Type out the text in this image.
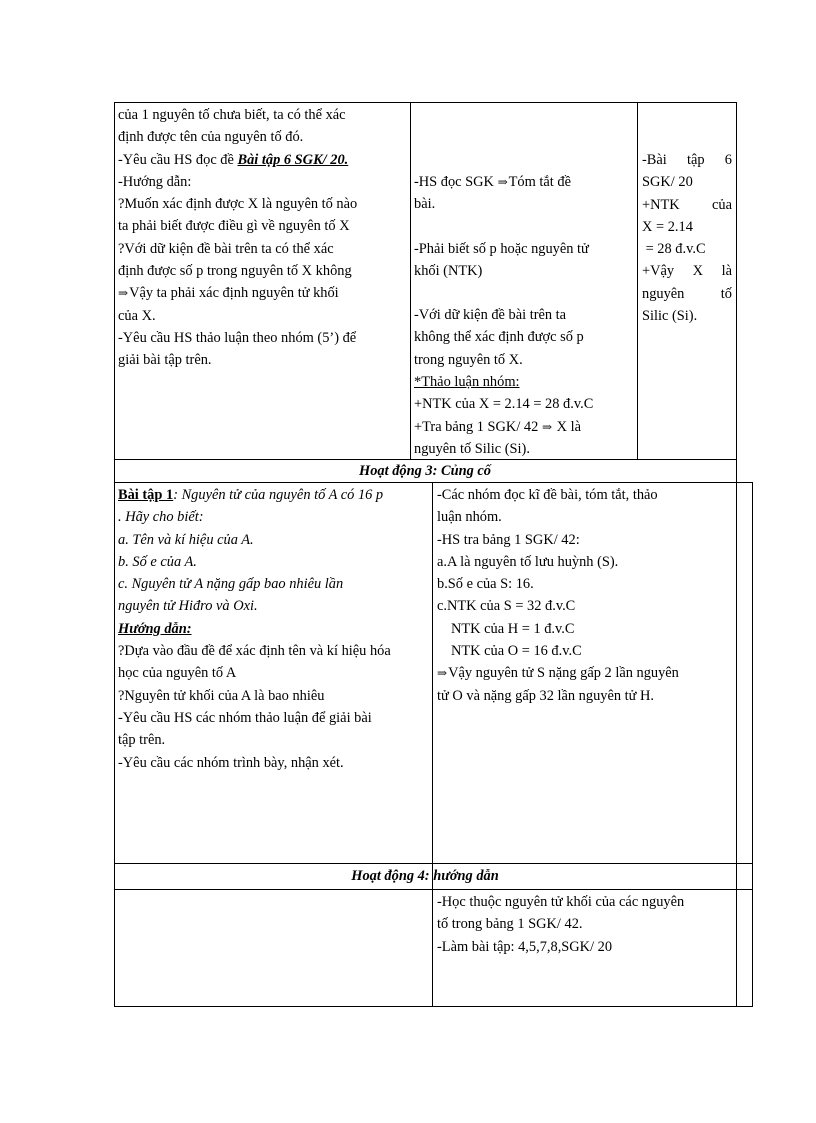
của 1 nguyên tố chưa biết, ta có thể xác

định được tên của nguyên tố đó.

-Yêu cầu HS đọc đề Bài tập 6 SGK/ 20.

-Hướng dẫn:

?Muốn xác định được X là nguyên tố nào

ta phải biết được điều gì về nguyên tố X

?Với dữ kiện đề bài trên ta có thể xác

định được số p trong nguyên tố X không

⇒ Vậy ta phải xác định nguyên tử khối

của X.

-Yêu cầu HS thảo luận theo nhóm (5’) để

giải bài tập trên.

-HS đọc SGK ⇒ Tóm tắt đề

bài.

-Phải biết số p hoặc nguyên tử

khối (NTK)

-Với dữ kiện đề bài trên ta

không thể xác định được số p

trong nguyên tố X.

*Thảo luận nhóm:

+NTK của X = 2.14 = 28 đ.v.C

+Tra bảng 1 SGK/ 42 ⇒ X là

nguyên tố Silic (Si).

-Bài tập 6

SGK/ 20

+NTK của

X = 2.14

= 28 đ.v.C

+Vậy X là

nguyên tố

Silic (Si).

Hoạt động 3: Củng cố

Bài tập 1: Nguyên tử của nguyên tố A có 16 p

. Hãy cho biết:

a. Tên và kí hiệu của A.

b. Số e của A.

c. Nguyên tử A nặng gấp bao nhiêu lần

nguyên tử Hiđro và Oxi.

Hướng dẫn:

?Dựa vào đầu đề để xác định tên và kí hiệu hóa

học của nguyên tố A

?Nguyên tử khối của A là bao nhiêu

-Yêu cầu HS các nhóm thảo luận để giải bài

tập trên.

-Yêu cầu các nhóm trình bày, nhận xét.

-Các nhóm đọc kĩ đề bài, tóm tắt, thảo

luận nhóm.

-HS tra bảng 1 SGK/ 42:

a.A là nguyên tố lưu huỳnh (S).

b.Số e của S: 16.

c.NTK của S = 32 đ.v.C

NTK của H = 1 đ.v.C

NTK của O = 16 đ.v.C

⇒ Vậy nguyên tử S nặng gấp 2 lần nguyên

tử O và nặng gấp 32 lần nguyên tử H.

Hoạt động 4: hướng dẫn

-Học thuộc nguyên tử khối của các nguyên

tố trong bảng 1 SGK/ 42.

-Làm bài tập: 4,5,7,8,SGK/ 20
